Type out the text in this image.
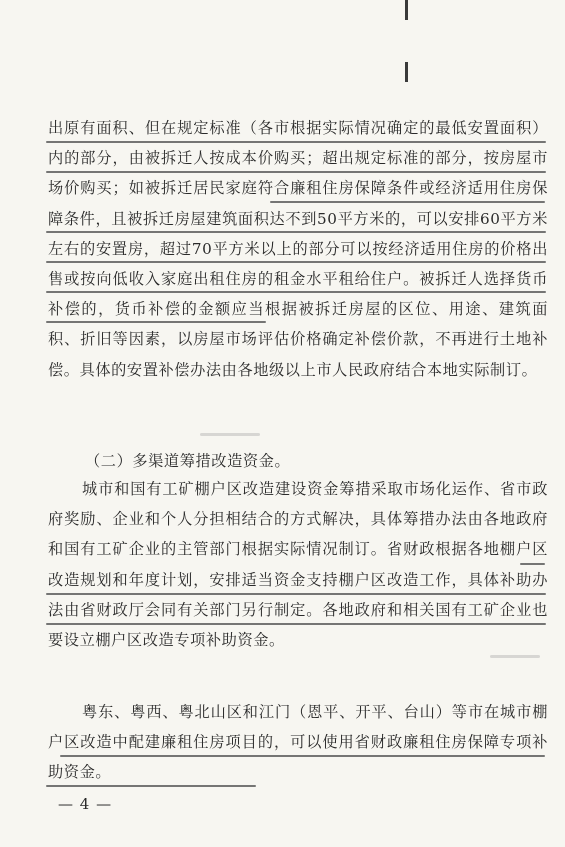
出原有面积、但在规定标准（各市根据实际情况确定的最低安置面积）内的部分，由被拆迁人按成本价购买；超出规定标准的部分，按房屋市场价购买；如被拆迁居民家庭符合廉租住房保障条件或经济适用住房保障条件，且被拆迁房屋建筑面积达不到50平方米的，可以安排60平方米左右的安置房，超过70平方米以上的部分可以按经济适用住房的价格出售或按向低收入家庭出租住房的租金水平租给住户。被拆迁人选择货币补偿的，货币补偿的金额应当根据被拆迁房屋的区位、用途、建筑面积、折旧等因素，以房屋市场评估价格确定补偿价款，不再进行土地补偿。具体的安置补偿办法由各地级以上市人民政府结合本地实际制订。

（二）多渠道筹措改造资金。

城市和国有工矿棚户区改造建设资金筹措采取市场化运作、省市政府奖励、企业和个人分担相结合的方式解决，具体筹措办法由各地政府和国有工矿企业的主管部门根据实际情况制订。省财政根据各地棚户区改造规划和年度计划，安排适当资金支持棚户区改造工作，具体补助办法由省财政厅会同有关部门另行制定。各地政府和相关国有工矿企业也要设立棚户区改造专项补助资金。

粤东、粤西、粤北山区和江门（恩平、开平、台山）等市在城市棚户区改造中配建廉租住房项目的，可以使用省财政廉租住房保障专项补助资金。

— 4 —
